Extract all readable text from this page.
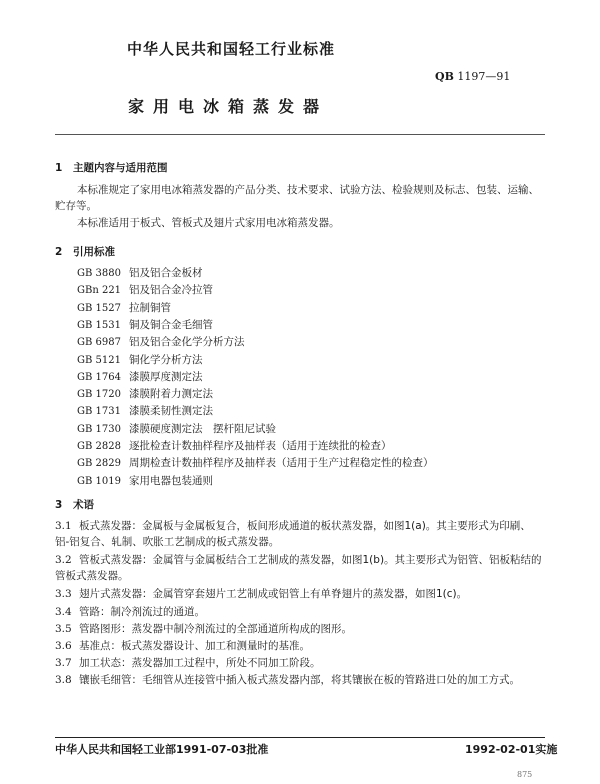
中华人民共和国轻工行业标准
QB 1197—91
家用电冰箱蒸发器
1 主题内容与适用范围
本标准规定了家用电冰箱蒸发器的产品分类、技术要求、试验方法、检验规则及标志、包装、运输、贮存等。
本标准适用于板式、管板式及翅片式家用电冰箱蒸发器。
2 引用标准
GB 3880 铝及铝合金板材
GBn 221 铝及铝合金冷拉管
GB 1527 拉制铜管
GB 1531 铜及铜合金毛细管
GB 6987 铝及铝合金化学分析方法
GB 5121 铜化学分析方法
GB 1764 漆膜厚度测定法
GB 1720 漆膜附着力测定法
GB 1731 漆膜柔韧性测定法
GB 1730 漆膜硬度测定法　摆杆阻尼试验
GB 2828 逐批检查计数抽样程序及抽样表（适用于连续批的检查）
GB 2829 周期检查计数抽样程序及抽样表（适用于生产过程稳定性的检查）
GB 1019 家用电器包装通则
3 术语
3.1 板式蒸发器：金属板与金属板复合，板间形成通道的板状蒸发器，如图1(a)。其主要形式为印刷、铝-铝复合、轧制、吹胀工艺制成的板式蒸发器。
3.2 管板式蒸发器：金属管与金属板结合工艺制成的蒸发器，如图1(b)。其主要形式为铝管、铝板粘结的管板式蒸发器。
3.3 翅片式蒸发器：金属管穿套翅片工艺制成或铝管上有单脊翅片的蒸发器，如图1(c)。
3.4 管路：制冷剂流过的通道。
3.5 管路图形：蒸发器中制冷剂流过的全部通道所构成的图形。
3.6 基准点：板式蒸发器设计、加工和测量时的基准。
3.7 加工状态：蒸发器加工过程中，所处不同加工阶段。
3.8 镶嵌毛细管：毛细管从连接管中插入板式蒸发器内部，将其镶嵌在板的管路进口处的加工方式。
中华人民共和国轻工业部1991-07-03批准	1992-02-01实施
875
